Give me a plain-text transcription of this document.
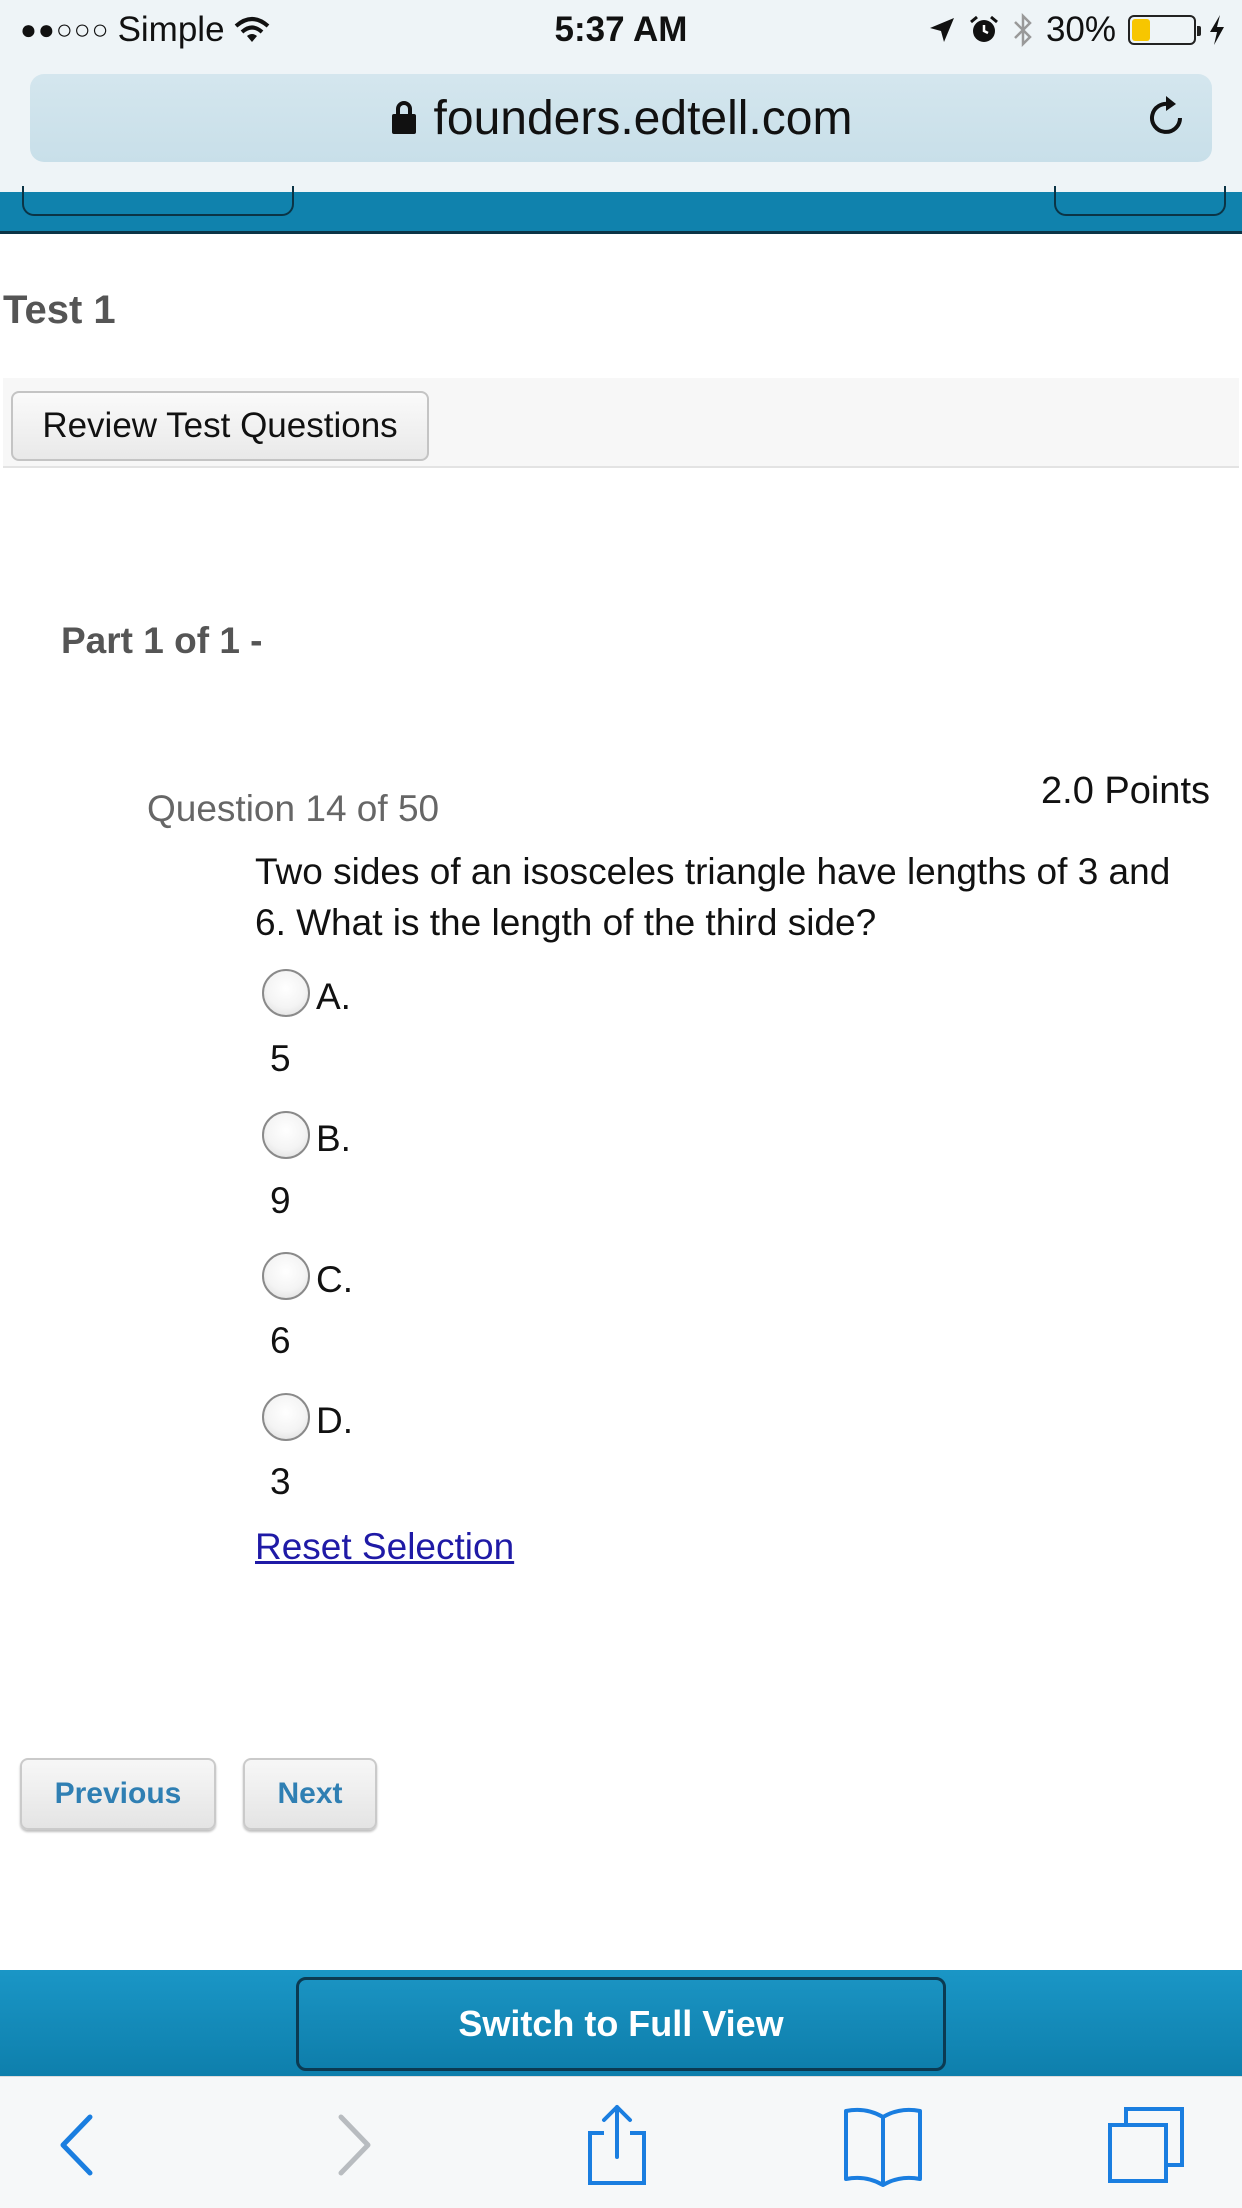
●●○○○ Simple	5:37 AM	30%
founders.edtell.com
Test 1
Review Test Questions
Part 1 of 1 -
Question 14 of 50	2.0 Points
Two sides of an isosceles triangle have lengths of 3 and 6. What is the length of the third side?
A.
5
B.
9
C.
6
D.
3
Reset Selection
Previous	Next
Switch to Full View
